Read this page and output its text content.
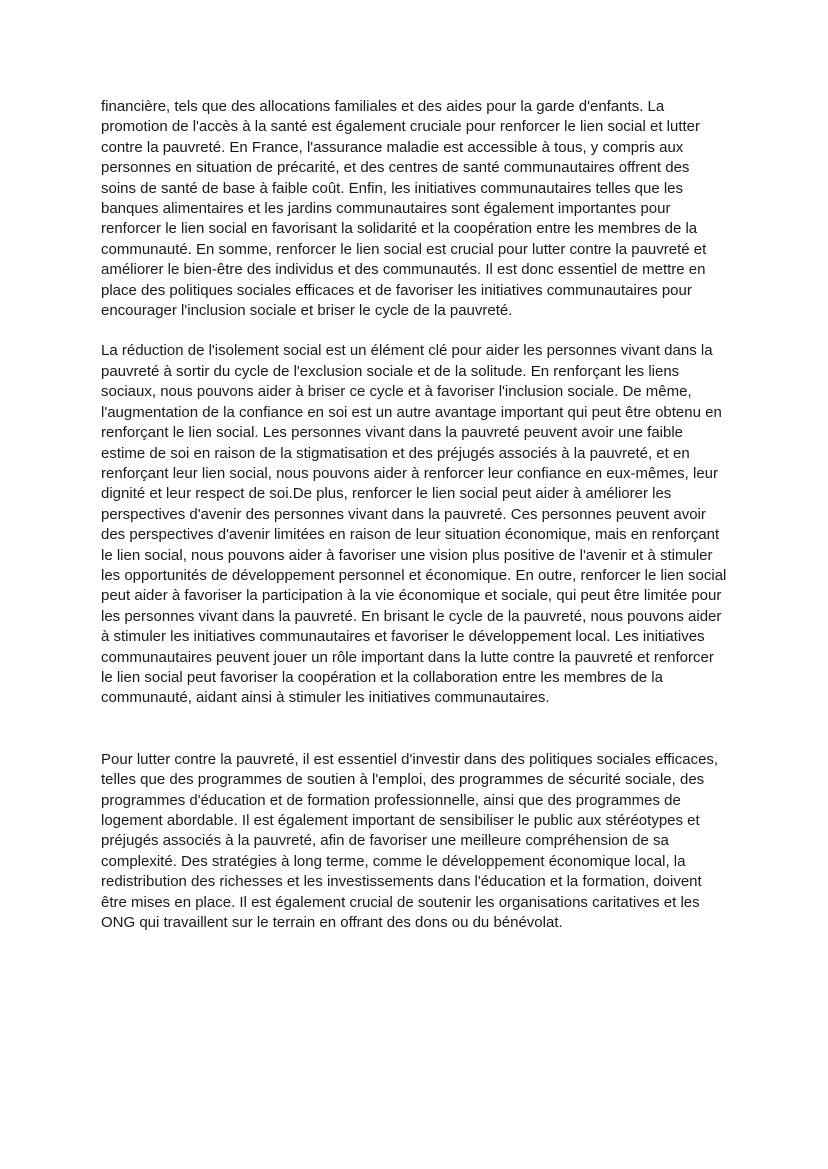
financière, tels que des allocations familiales et des aides pour la garde d'enfants. La promotion de l'accès à la santé est également cruciale pour renforcer le lien social et lutter contre la pauvreté. En France, l'assurance maladie est accessible à tous, y compris aux personnes en situation de précarité, et des centres de santé communautaires offrent des soins de santé de base à faible coût. Enfin, les initiatives communautaires telles que les banques alimentaires et les jardins communautaires sont également importantes pour renforcer le lien social en favorisant la solidarité et la coopération entre les membres de la communauté. En somme, renforcer le lien social est crucial pour lutter contre la pauvreté et améliorer le bien-être des individus et des communautés. Il est donc essentiel de mettre en place des politiques sociales efficaces et de favoriser les initiatives communautaires pour encourager l'inclusion sociale et briser le cycle de la pauvreté.

La réduction de l'isolement social est un élément clé pour aider les personnes vivant dans la pauvreté à sortir du cycle de l'exclusion sociale et de la solitude. En renforçant les liens sociaux, nous pouvons aider à briser ce cycle et à favoriser l'inclusion sociale. De même, l'augmentation de la confiance en soi est un autre avantage important qui peut être obtenu en renforçant le lien social. Les personnes vivant dans la pauvreté peuvent avoir une faible estime de soi en raison de la stigmatisation et des préjugés associés à la pauvreté, et en renforçant leur lien social, nous pouvons aider à renforcer leur confiance en eux-mêmes, leur dignité et leur respect de soi.De plus, renforcer le lien social peut aider à améliorer les perspectives d'avenir des personnes vivant dans la pauvreté. Ces personnes peuvent avoir des perspectives d'avenir limitées en raison de leur situation économique, mais en renforçant le lien social, nous pouvons aider à favoriser une vision plus positive de l'avenir et à stimuler les opportunités de développement personnel et économique. En outre, renforcer le lien social peut aider à favoriser la participation à la vie économique et sociale, qui peut être limitée pour les personnes vivant dans la pauvreté. En brisant le cycle de la pauvreté, nous pouvons aider à stimuler les initiatives communautaires et favoriser le développement local. Les initiatives communautaires peuvent jouer un rôle important dans la lutte contre la pauvreté et renforcer le lien social peut favoriser la coopération et la collaboration entre les membres de la communauté, aidant ainsi à stimuler les initiatives communautaires.

Pour lutter contre la pauvreté, il est essentiel d'investir dans des politiques sociales efficaces, telles que des programmes de soutien à l'emploi, des programmes de sécurité sociale, des programmes d'éducation et de formation professionnelle, ainsi que des programmes de logement abordable. Il est également important de sensibiliser le public aux stéréotypes et préjugés associés à la pauvreté, afin de favoriser une meilleure compréhension de sa complexité. Des stratégies à long terme, comme le développement économique local, la redistribution des richesses et les investissements dans l'éducation et la formation, doivent être mises en place. Il est également crucial de soutenir les organisations caritatives et les ONG qui travaillent sur le terrain en offrant des dons ou du bénévolat.
